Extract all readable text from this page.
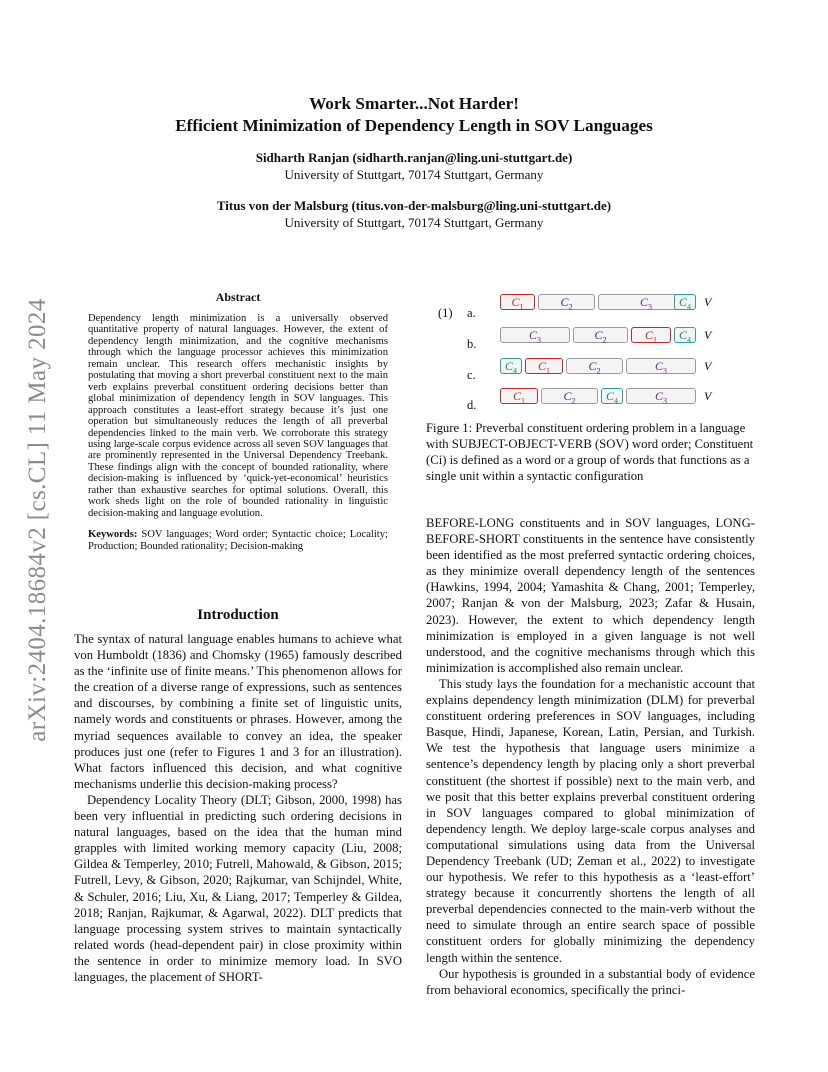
arXiv:2404.18684v2 [cs.CL] 11 May 2024
Work Smarter...Not Harder!
Efficient Minimization of Dependency Length in SOV Languages
Sidharth Ranjan (sidharth.ranjan@ling.uni-stuttgart.de)
University of Stuttgart, 70174 Stuttgart, Germany
Titus von der Malsburg (titus.von-der-malsburg@ling.uni-stuttgart.de)
University of Stuttgart, 70174 Stuttgart, Germany
Abstract
Dependency length minimization is a universally observed quantitative property of natural languages. However, the extent of dependency length minimization, and the cognitive mechanisms through which the language processor achieves this minimization remain unclear. This research offers mechanistic insights by postulating that moving a short preverbal constituent next to the main verb explains preverbal constituent ordering decisions better than global minimization of dependency length in SOV languages. This approach constitutes a least-effort strategy because it’s just one operation but simultaneously reduces the length of all preverbal dependencies linked to the main verb. We corroborate this strategy using large-scale corpus evidence across all seven SOV languages that are prominently represented in the Universal Dependency Treebank. These findings align with the concept of bounded rationality, where decision-making is influenced by ‘quick-yet-economical’ heuristics rather than exhaustive searches for optimal solutions. Overall, this work sheds light on the role of bounded rationality in linguistic decision-making and language evolution.
Keywords: SOV languages; Word order; Syntactic choice; Locality; Production; Bounded rationality; Decision-making
(1) a.
b.
c.
d.
$C_1$	$C_2$	$C_3$	$C_4$	V
$C_3$	$C_2$	$C_1$	$C_4$	V
$C_4$	$C_1$	$C_2$	$C_3$	V
$C_1$	$C_2$	$C_4$	$C_3$	V
Figure 1: Preverbal constituent ordering problem in a language with SUBJECT-OBJECT-VERB (SOV) word order; Constituent (Ci) is defined as a word or a group of words that functions as a single unit within a syntactic configuration
Introduction

The syntax of natural language enables humans to achieve what von Humboldt (1836) and Chomsky (1965) famously described as the ‘infinite use of finite means.’ This phenomenon allows for the creation of a diverse range of expressions, such as sentences and discourses, by combining a finite set of linguistic units, namely words and constituents or phrases. However, among the myriad sequences available to convey an idea, the speaker produces just one (refer to Figures 1 and 3 for an illustration). What factors influenced this decision, and what cognitive mechanisms underlie this decision-making process?

Dependency Locality Theory (DLT; Gibson, 2000, 1998) has been very influential in predicting such ordering decisions in natural languages, based on the idea that the human mind grapples with limited working memory capacity (Liu, 2008; Gildea & Temperley, 2010; Futrell, Mahowald, & Gibson, 2015; Futrell, Levy, & Gibson, 2020; Rajkumar, van Schijndel, White, & Schuler, 2016; Liu, Xu, & Liang, 2017; Temperley & Gildea, 2018; Ranjan, Rajkumar, & Agarwal, 2022). DLT predicts that language processing system strives to maintain syntactically related words (head-dependent pair) in close proximity within the sentence in order to minimize memory load. In SVO languages, the placement of SHORT-

BEFORE-LONG constituents and in SOV languages, LONG-BEFORE-SHORT constituents in the sentence have consistently been identified as the most preferred syntactic ordering choices, as they minimize overall dependency length of the sentences (Hawkins, 1994, 2004; Yamashita & Chang, 2001; Temperley, 2007; Ranjan & von der Malsburg, 2023; Zafar & Husain, 2023). However, the extent to which dependency length minimization is employed in a given language is not well understood, and the cognitive mechanisms through which this minimization is accomplished also remain unclear.

This study lays the foundation for a mechanistic account that explains dependency length minimization (DLM) for preverbal constituent ordering preferences in SOV languages, including Basque, Hindi, Japanese, Korean, Latin, Persian, and Turkish. We test the hypothesis that language users minimize a sentence’s dependency length by placing only a short preverbal constituent (the shortest if possible) next to the main verb, and we posit that this better explains preverbal constituent ordering in SOV languages compared to global minimization of dependency length. We deploy large-scale corpus analyses and computational simulations using data from the Universal Dependency Treebank (UD; Zeman et al., 2022) to investigate our hypothesis. We refer to this hypothesis as a ‘least-effort’ strategy because it concurrently shortens the length of all preverbal dependencies connected to the main-verb without the need to simulate through an entire search space of possible constituent orders for globally minimizing the dependency length within the sentence.

Our hypothesis is grounded in a substantial body of evidence from behavioral economics, specifically the princi-
